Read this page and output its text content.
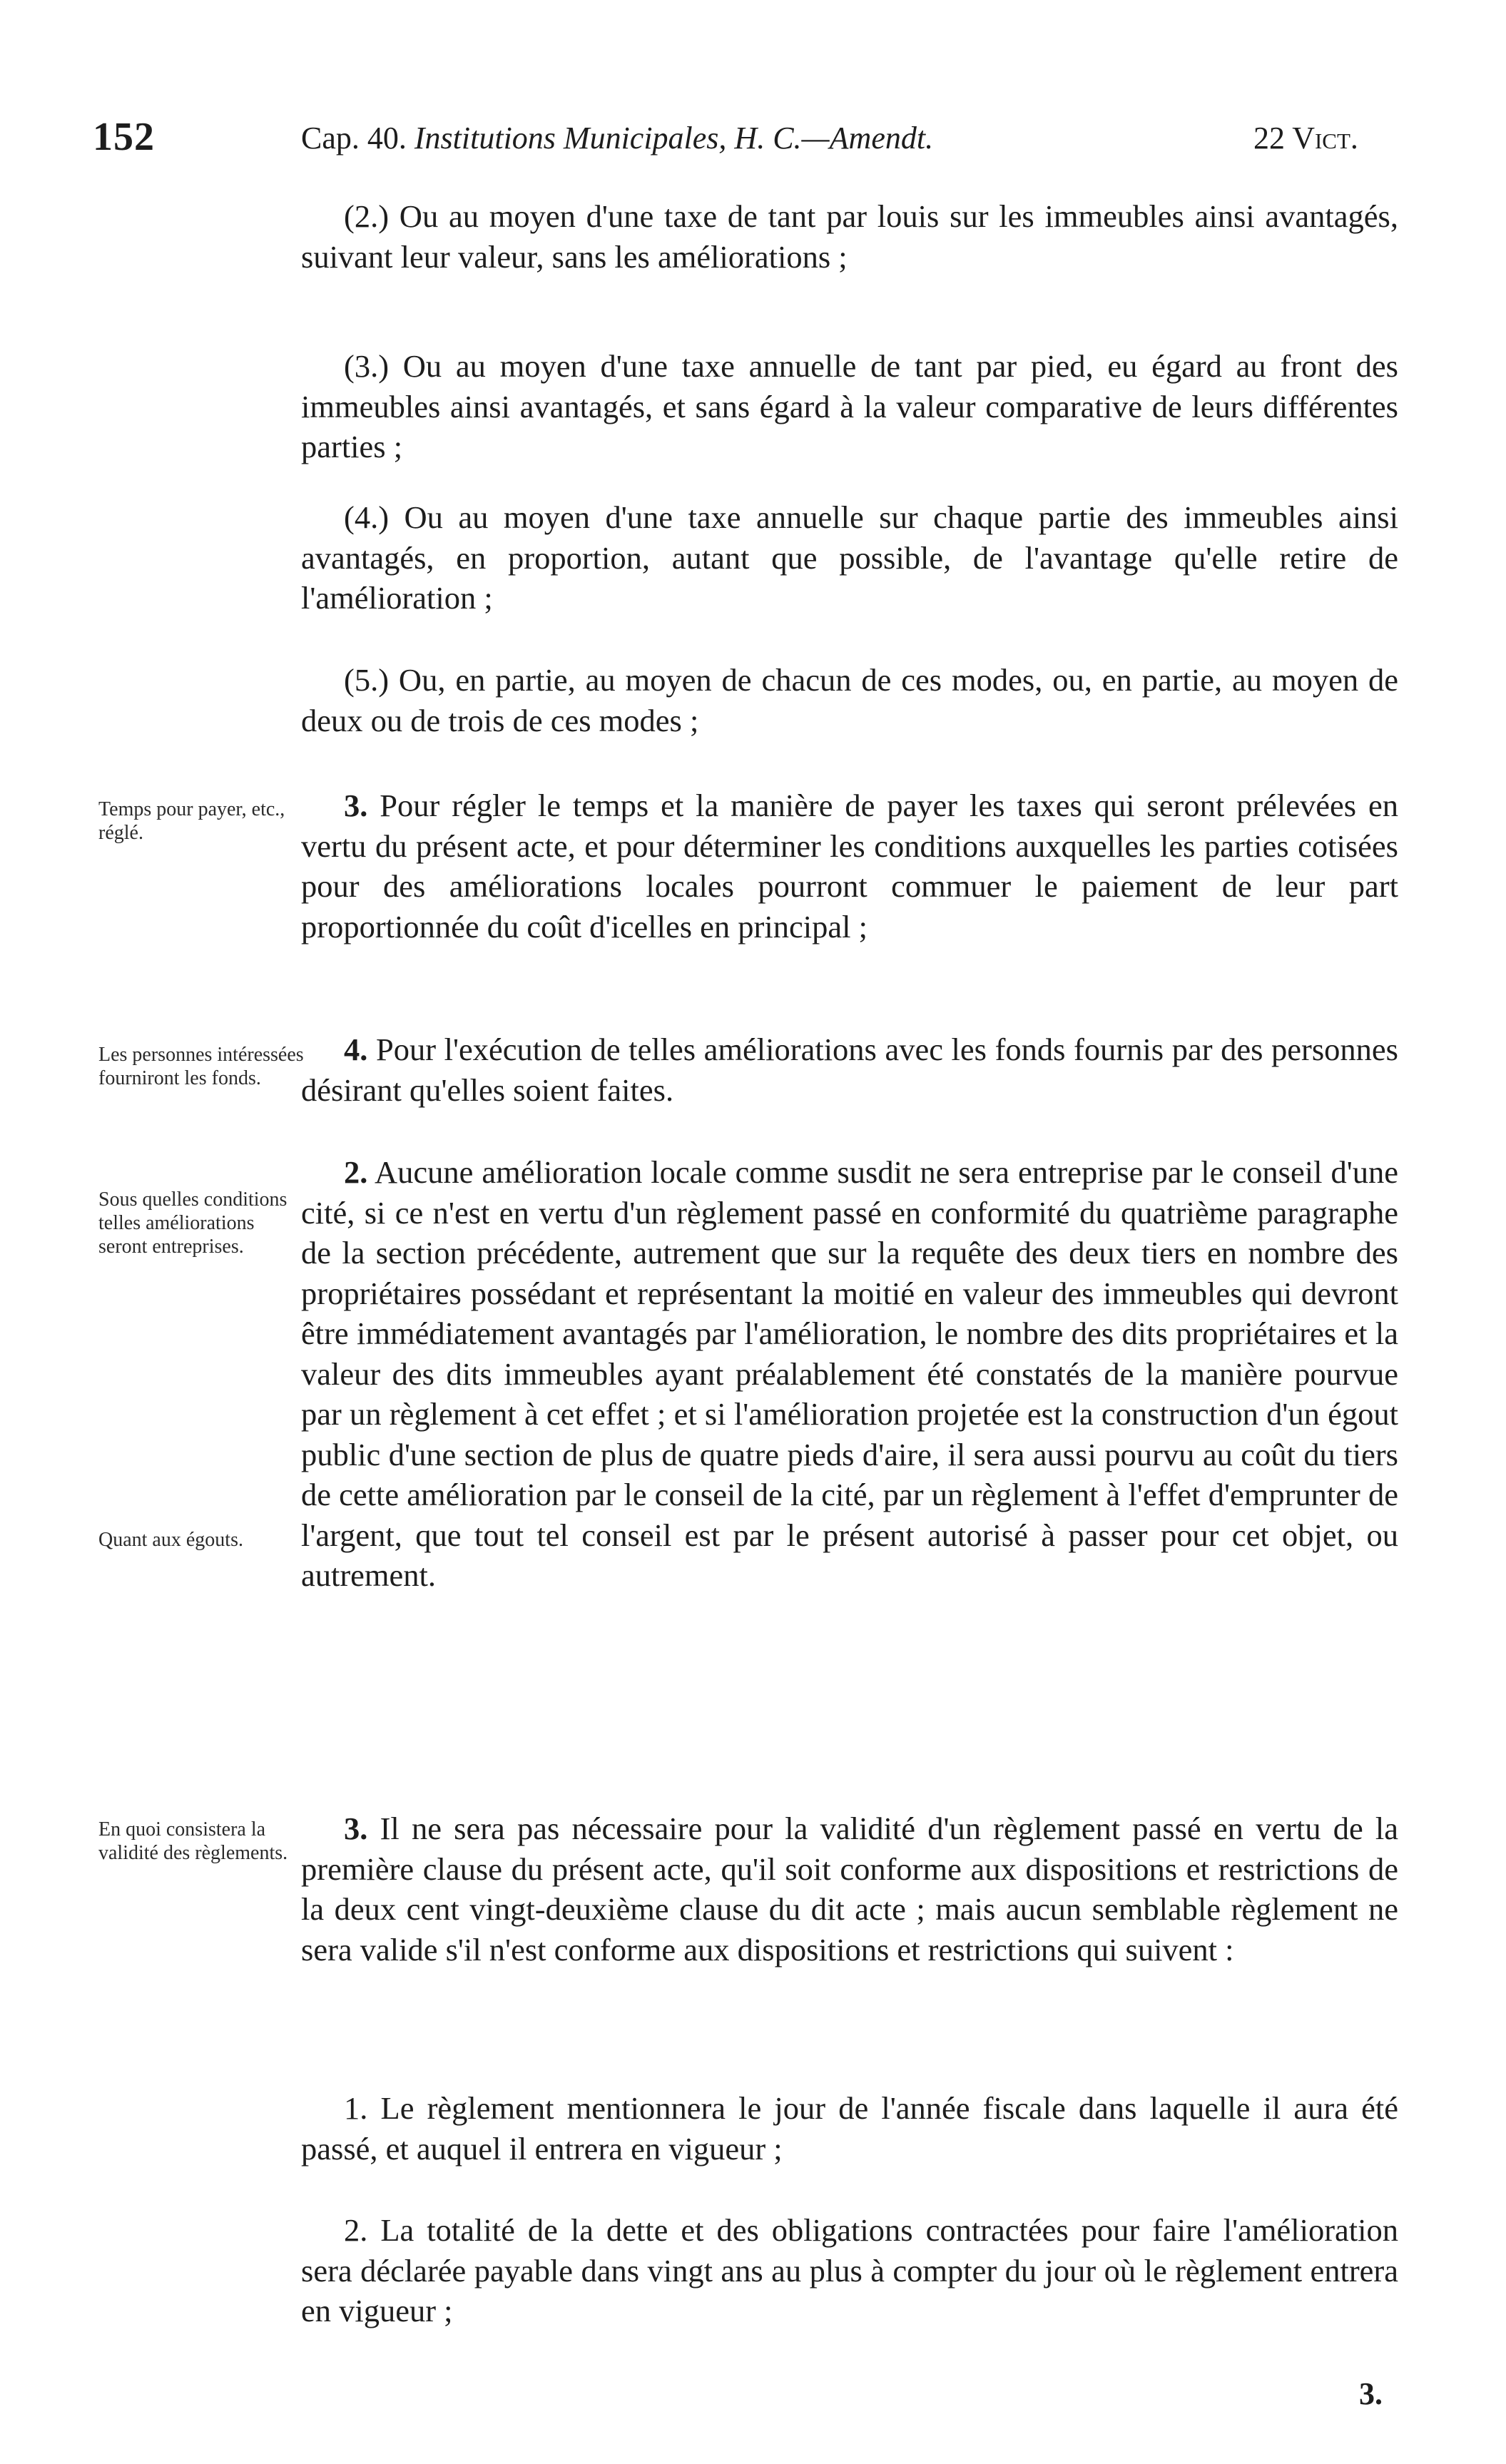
152	Cap. 40. Institutions Municipales, H. C.—Amendt.	22 Vict.

(2.) Ou au moyen d'une taxe de tant par louis sur les immeubles ainsi avantagés, suivant leur valeur, sans les améliorations ;

(3.) Ou au moyen d'une taxe annuelle de tant par pied, eu égard au front des immeubles ainsi avantagés, et sans égard à la valeur comparative de leurs différentes parties ;

(4.) Ou au moyen d'une taxe annuelle sur chaque partie des immeubles ainsi avantagés, en proportion, autant que possible, de l'avantage qu'elle retire de l'amélioration ;

(5.) Ou, en partie, au moyen de chacun de ces modes, ou, en partie, au moyen de deux ou de trois de ces modes ;

3. Pour régler le temps et la manière de payer les taxes qui seront prélevées en vertu du présent acte, et pour déterminer les conditions auxquelles les parties cotisées pour des améliorations locales pourront commuer le paiement de leur part proportionnée du coût d'icelles en principal ;

4. Pour l'exécution de telles améliorations avec les fonds fournis par des personnes désirant qu'elles soient faites.

2. Aucune amélioration locale comme susdit ne sera entreprise par le conseil d'une cité, si ce n'est en vertu d'un règlement passé en conformité du quatrième paragraphe de la section précédente, autrement que sur la requête des deux tiers en nombre des propriétaires possédant et représentant la moitié en valeur des immeubles qui devront être immédiatement avantagés par l'amélioration, le nombre des dits propriétaires et la valeur des dits immeubles ayant préalablement été constatés de la manière pourvue par un règlement à cet effet ; et si l'amélioration projetée est la construction d'un égout public d'une section de plus de quatre pieds d'aire, il sera aussi pourvu au coût du tiers de cette amélioration par le conseil de la cité, par un règlement à l'effet d'emprunter de l'argent, que tout tel conseil est par le présent autorisé à passer pour cet objet, ou autrement.

3. Il ne sera pas nécessaire pour la validité d'un règlement passé en vertu de la première clause du présent acte, qu'il soit conforme aux dispositions et restrictions de la deux cent vingt-deuxième clause du dit acte ; mais aucun semblable règlement ne sera valide s'il n'est conforme aux dispositions et restrictions qui suivent :

1. Le règlement mentionnera le jour de l'année fiscale dans laquelle il aura été passé, et auquel il entrera en vigueur ;

2. La totalité de la dette et des obligations contractées pour faire l'amélioration sera déclarée payable dans vingt ans au plus à compter du jour où le règlement entrera en vigueur ;

Temps pour payer, etc., réglé.
Les personnes intéressées fourniront les fonds.
Sous quelles conditions telles améliorations seront entreprises.
Quant aux égouts.
En quoi consistera la validité des règlements.
3.
